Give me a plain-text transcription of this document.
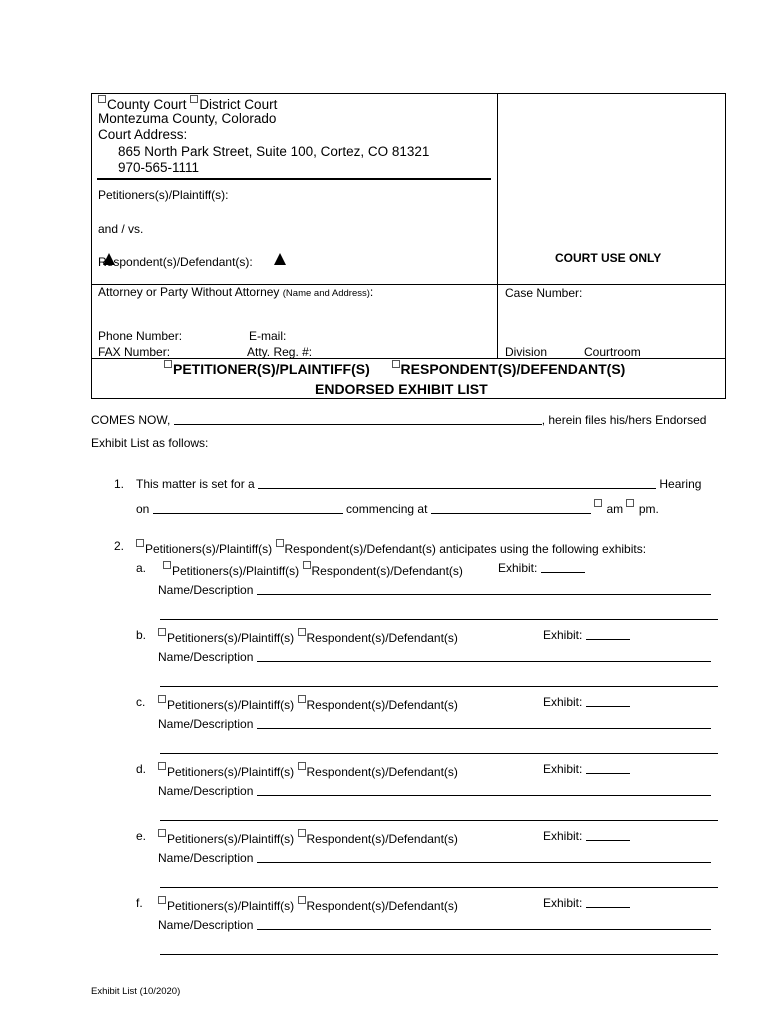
County Court District Court
Montezuma County, Colorado
Court Address:
865 North Park Street, Suite 100, Cortez, CO 81321
970-565-1111
Petitioners(s)/Plaintiff(s):
and / vs.
Respondent(s)/Defendant(s):	COURT USE ONLY
Attorney or Party Without Attorney (Name and Address):	Case Number:
Phone Number:	E-mail:
FAX Number:	Atty. Reg. #:	Division	Courtroom
PETITIONER(S)/PLAINTIFF(S) RESPONDENT(S)/DEFENDANT(S)
ENDORSED EXHIBIT LIST
COMES NOW,	, herein files his/hers Endorsed
Exhibit List as follows:
1. This matter is set for a	Hearing
on	commencing at	am pm.
2.	Petitioners(s)/Plaintiff(s) Respondent(s)/Defendant(s) anticipates using the following exhibits:
a.	Petitioners(s)/Plaintiff(s) Respondent(s)/Defendant(s)	Exhibit:
Name/Description
b.	Petitioners(s)/Plaintiff(s) Respondent(s)/Defendant(s)	Exhibit:
Name/Description
c.	Petitioners(s)/Plaintiff(s) Respondent(s)/Defendant(s)	Exhibit:
Name/Description
d.	Petitioners(s)/Plaintiff(s) Respondent(s)/Defendant(s)	Exhibit:
Name/Description
e.	Petitioners(s)/Plaintiff(s) Respondent(s)/Defendant(s)	Exhibit:
Name/Description
f.	Petitioners(s)/Plaintiff(s) Respondent(s)/Defendant(s)	Exhibit:
Name/Description
Exhibit List (10/2020)
